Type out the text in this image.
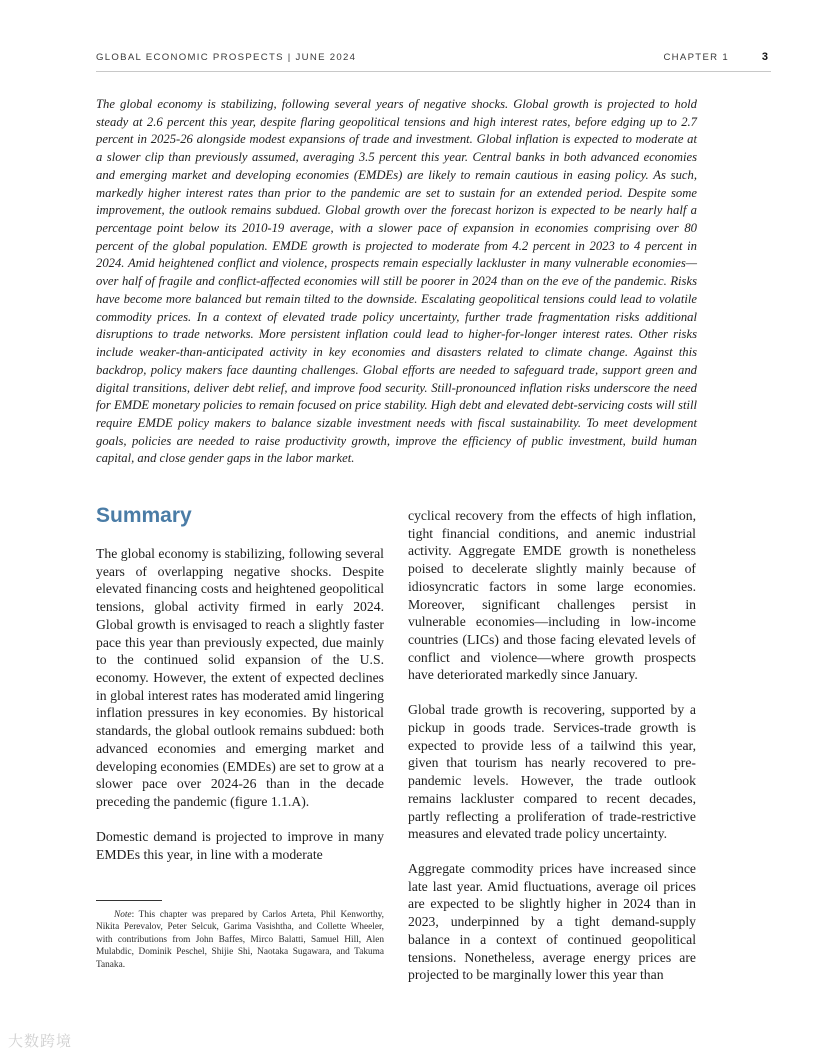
GLOBAL ECONOMIC PROSPECTS | JUNE 2024	CHAPTER 1	3

The global economy is stabilizing, following several years of negative shocks. Global growth is projected to hold steady at 2.6 percent this year, despite flaring geopolitical tensions and high interest rates, before edging up to 2.7 percent in 2025-26 alongside modest expansions of trade and investment. Global inflation is expected to moderate at a slower clip than previously assumed, averaging 3.5 percent this year. Central banks in both advanced economies and emerging market and developing economies (EMDEs) are likely to remain cautious in easing policy. As such, markedly higher interest rates than prior to the pandemic are set to sustain for an extended period. Despite some improvement, the outlook remains subdued. Global growth over the forecast horizon is expected to be nearly half a percentage point below its 2010-19 average, with a slower pace of expansion in economies comprising over 80 percent of the global population. EMDE growth is projected to moderate from 4.2 percent in 2023 to 4 percent in 2024. Amid heightened conflict and violence, prospects remain especially lackluster in many vulnerable economies—over half of fragile and conflict-affected economies will still be poorer in 2024 than on the eve of the pandemic. Risks have become more balanced but remain tilted to the downside. Escalating geopolitical tensions could lead to volatile commodity prices. In a context of elevated trade policy uncertainty, further trade fragmentation risks additional disruptions to trade networks. More persistent inflation could lead to higher-for-longer interest rates. Other risks include weaker-than-anticipated activity in key economies and disasters related to climate change. Against this backdrop, policy makers face daunting challenges. Global efforts are needed to safeguard trade, support green and digital transitions, deliver debt relief, and improve food security. Still-pronounced inflation risks underscore the need for EMDE monetary policies to remain focused on price stability. High debt and elevated debt-servicing costs will still require EMDE policy makers to balance sizable investment needs with fiscal sustainability. To meet development goals, policies are needed to raise productivity growth, improve the efficiency of public investment, build human capital, and close gender gaps in the labor market.

Summary

The global economy is stabilizing, following several years of overlapping negative shocks. Despite elevated financing costs and heightened geopolitical tensions, global activity firmed in early 2024. Global growth is envisaged to reach a slightly faster pace this year than previously expected, due mainly to the continued solid expansion of the U.S. economy. However, the extent of expected declines in global interest rates has moderated amid lingering inflation pressures in key economies. By historical standards, the global outlook remains subdued: both advanced economies and emerging market and developing economies (EMDEs) are set to grow at a slower pace over 2024-26 than in the decade preceding the pandemic (figure 1.1.A).

Domestic demand is projected to improve in many EMDEs this year, in line with a moderate

cyclical recovery from the effects of high inflation, tight financial conditions, and anemic industrial activity. Aggregate EMDE growth is nonetheless poised to decelerate slightly mainly because of idiosyncratic factors in some large economies. Moreover, significant challenges persist in vulnerable economies—including in low-income countries (LICs) and those facing elevated levels of conflict and violence—where growth prospects have deteriorated markedly since January.

Global trade growth is recovering, supported by a pickup in goods trade. Services-trade growth is expected to provide less of a tailwind this year, given that tourism has nearly recovered to pre-pandemic levels. However, the trade outlook remains lackluster compared to recent decades, partly reflecting a proliferation of trade-restrictive measures and elevated trade policy uncertainty.

Aggregate commodity prices have increased since late last year. Amid fluctuations, average oil prices are expected to be slightly higher in 2024 than in 2023, underpinned by a tight demand-supply balance in a context of continued geopolitical tensions. Nonetheless, average energy prices are projected to be marginally lower this year than

Note: This chapter was prepared by Carlos Arteta, Phil Kenworthy, Nikita Perevalov, Peter Selcuk, Garima Vasishtha, and Collette Wheeler, with contributions from John Baffes, Mirco Balatti, Samuel Hill, Alen Mulabdic, Dominik Peschel, Shijie Shi, Naotaka Sugawara, and Takuma Tanaka.

大数跨境
